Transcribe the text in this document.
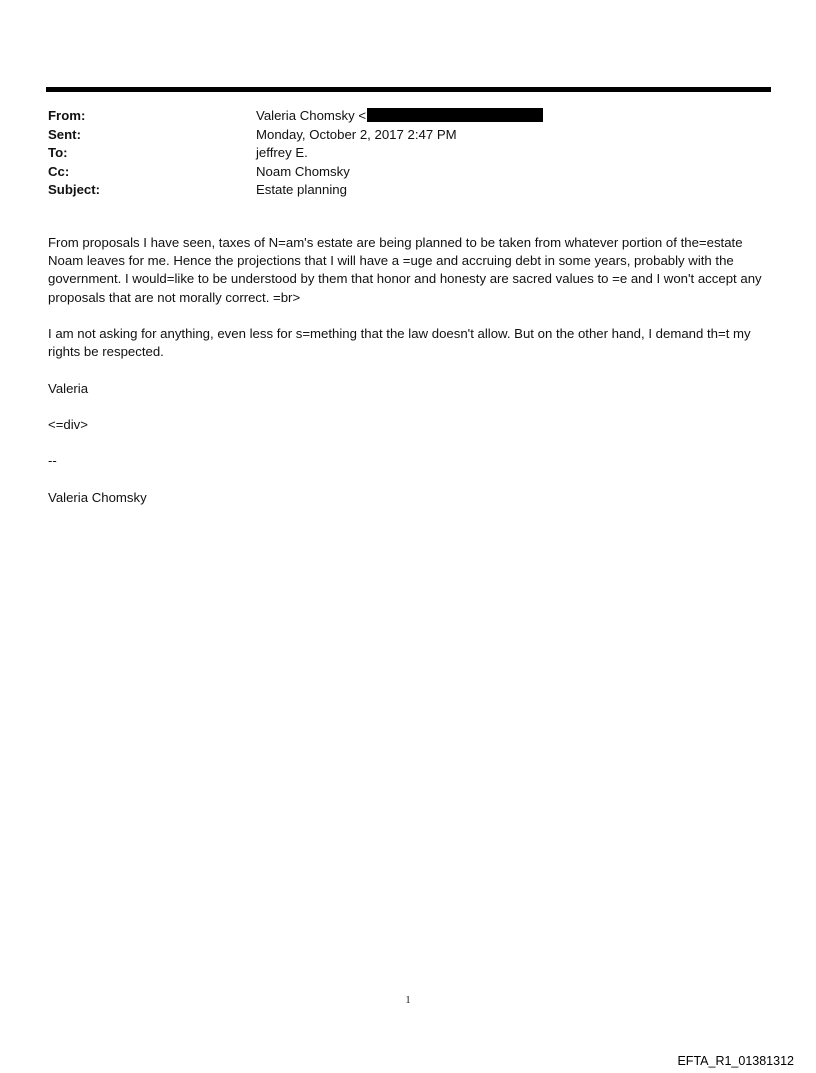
From:	Valeria Chomsky <
Sent:	Monday, October 2, 2017 2:47 PM
To:	jeffrey E.
Cc:	Noam Chomsky
Subject:	Estate planning

From proposals I have seen, taxes of N=am's estate are being planned to be taken from whatever portion of the=estate Noam leaves for me. Hence the projections that I will have a =uge and accruing debt in some years, probably with the government. I would=like to be understood by them that honor and honesty are sacred values to =e and I won't accept any proposals that are not morally correct. =br>

I am not asking for anything, even less for s=mething that the law doesn't allow. But on the other hand, I demand th=t my rights be respected.

Valeria

<=div>

--

Valeria Chomsky

1
EFTA_R1_01381312
